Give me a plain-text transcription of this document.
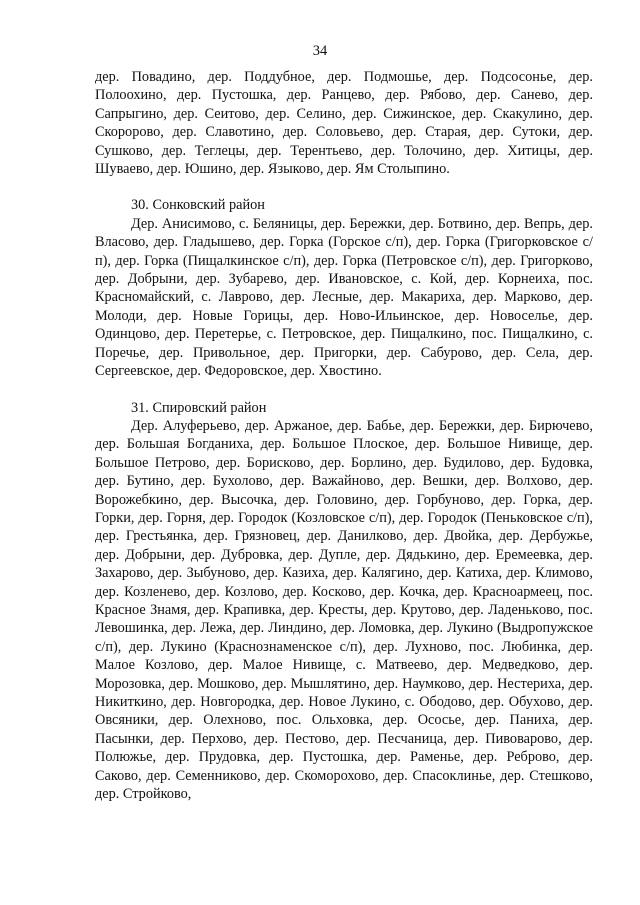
34

дер. Повадино, дер. Поддубное, дер. Подмошье, дер. Подсосонье, дер. Полоохино, дер. Пустошка, дер. Ранцево, дер. Рябово, дер. Санево, дер. Сапрыгино, дер. Сеитово, дер. Селино, дер. Сижинское, дер. Скакулино, дер. Скоророво, дер. Славотино, дер. Соловьево, дер. Старая, дер. Сутоки, дер. Сушково, дер. Теглецы, дер. Терентьево, дер. Толочино, дер. Хитицы, дер. Шуваево, дер. Юшино, дер. Языково, дер. Ям Столыпино.

30. Сонковский район

Дер. Анисимово, с. Беляницы, дер. Бережки, дер. Ботвино, дер. Вепрь, дер. Власово, дер. Гладышево, дер. Горка (Горское с/п), дер. Горка (Григорковское с/п), дер. Горка (Пищалкинское с/п), дер. Горка (Петровское с/п), дер. Григорково, дер. Добрыни, дер. Зубарево, дер. Ивановское, с. Кой, дер. Корнеиха, пос. Красномайский, с. Лаврово, дер. Лесные, дер. Макариха, дер. Марково, дер. Молоди, дер. Новые Горицы, дер. Ново-Ильинское, дер. Новоселье, дер. Одинцово, дер. Перетерье, с. Петровское, дер. Пищалкино, пос. Пищалкино, с. Поречье, дер. Привольное, дер. Пригорки, дер. Сабурово, дер. Села, дер. Сергеевское, дер. Федоровское, дер. Хвостино.

31. Спировский район

Дер. Алуферьево, дер. Аржаное, дер. Бабье, дер. Бережки, дер. Бирючево, дер. Большая Богданиха, дер. Большое Плоское, дер. Большое Нивище, дер. Большое Петрово, дер. Борисково, дер. Борлино, дер. Будилово, дер. Будовка, дер. Бутино, дер. Бухолово, дер. Важайново, дер. Вешки, дер. Волхово, дер. Ворожебкино, дер. Высочка, дер. Головино, дер. Горбуново, дер. Горка, дер. Горки, дер. Горня, дер. Городок (Козловское с/п), дер. Городок (Пеньковское с/п), дер. Грестьянка, дер. Грязновец, дер. Данилково, дер. Двойка, дер. Дербужье, дер. Добрыни, дер. Дубровка, дер. Дупле, дер. Дядькино, дер. Еремеевка, дер. Захарово, дер. Зыбуново, дер. Казиха, дер. Калягино, дер. Катиха, дер. Климово, дер. Козленево, дер. Козлово, дер. Косково, дер. Кочка, дер. Красноармеец, пос. Красное Знамя, дер. Крапивка, дер. Кресты, дер. Крутово, дер. Ладенькoво, пос. Левошинка, дер. Лежа, дер. Линдино, дер. Ломовка, дер. Лукино (Выдропужское с/п), дер. Лукино (Краснознаменское с/п), дер. Лухново, пос. Любинка, дер. Малое Козлово, дер. Малое Нивище, с. Матвеево, дер. Медведково, дер. Морозовка, дер. Мошково, дер. Мышлятино, дер. Наумково, дер. Нестериха, дер. Никиткино, дер. Новгородка, дер. Новое Лукино, с. Ободово, дер. Обухово, дер. Овсяники, дер. Олехново, пос. Ольховка, дер. Ососье, дер. Паниха, дер. Пасынки, дер. Перхово, дер. Пестово, дер. Песчаница, дер. Пивоварово, дер. Полюжье, дер. Прудовка, дер. Пустошка, дер. Раменье, дер. Реброво, дер. Саково, дер. Семенниково, дер. Скоморохово, дер. Спасоклинье, дер. Стешково, дер. Стройково,
